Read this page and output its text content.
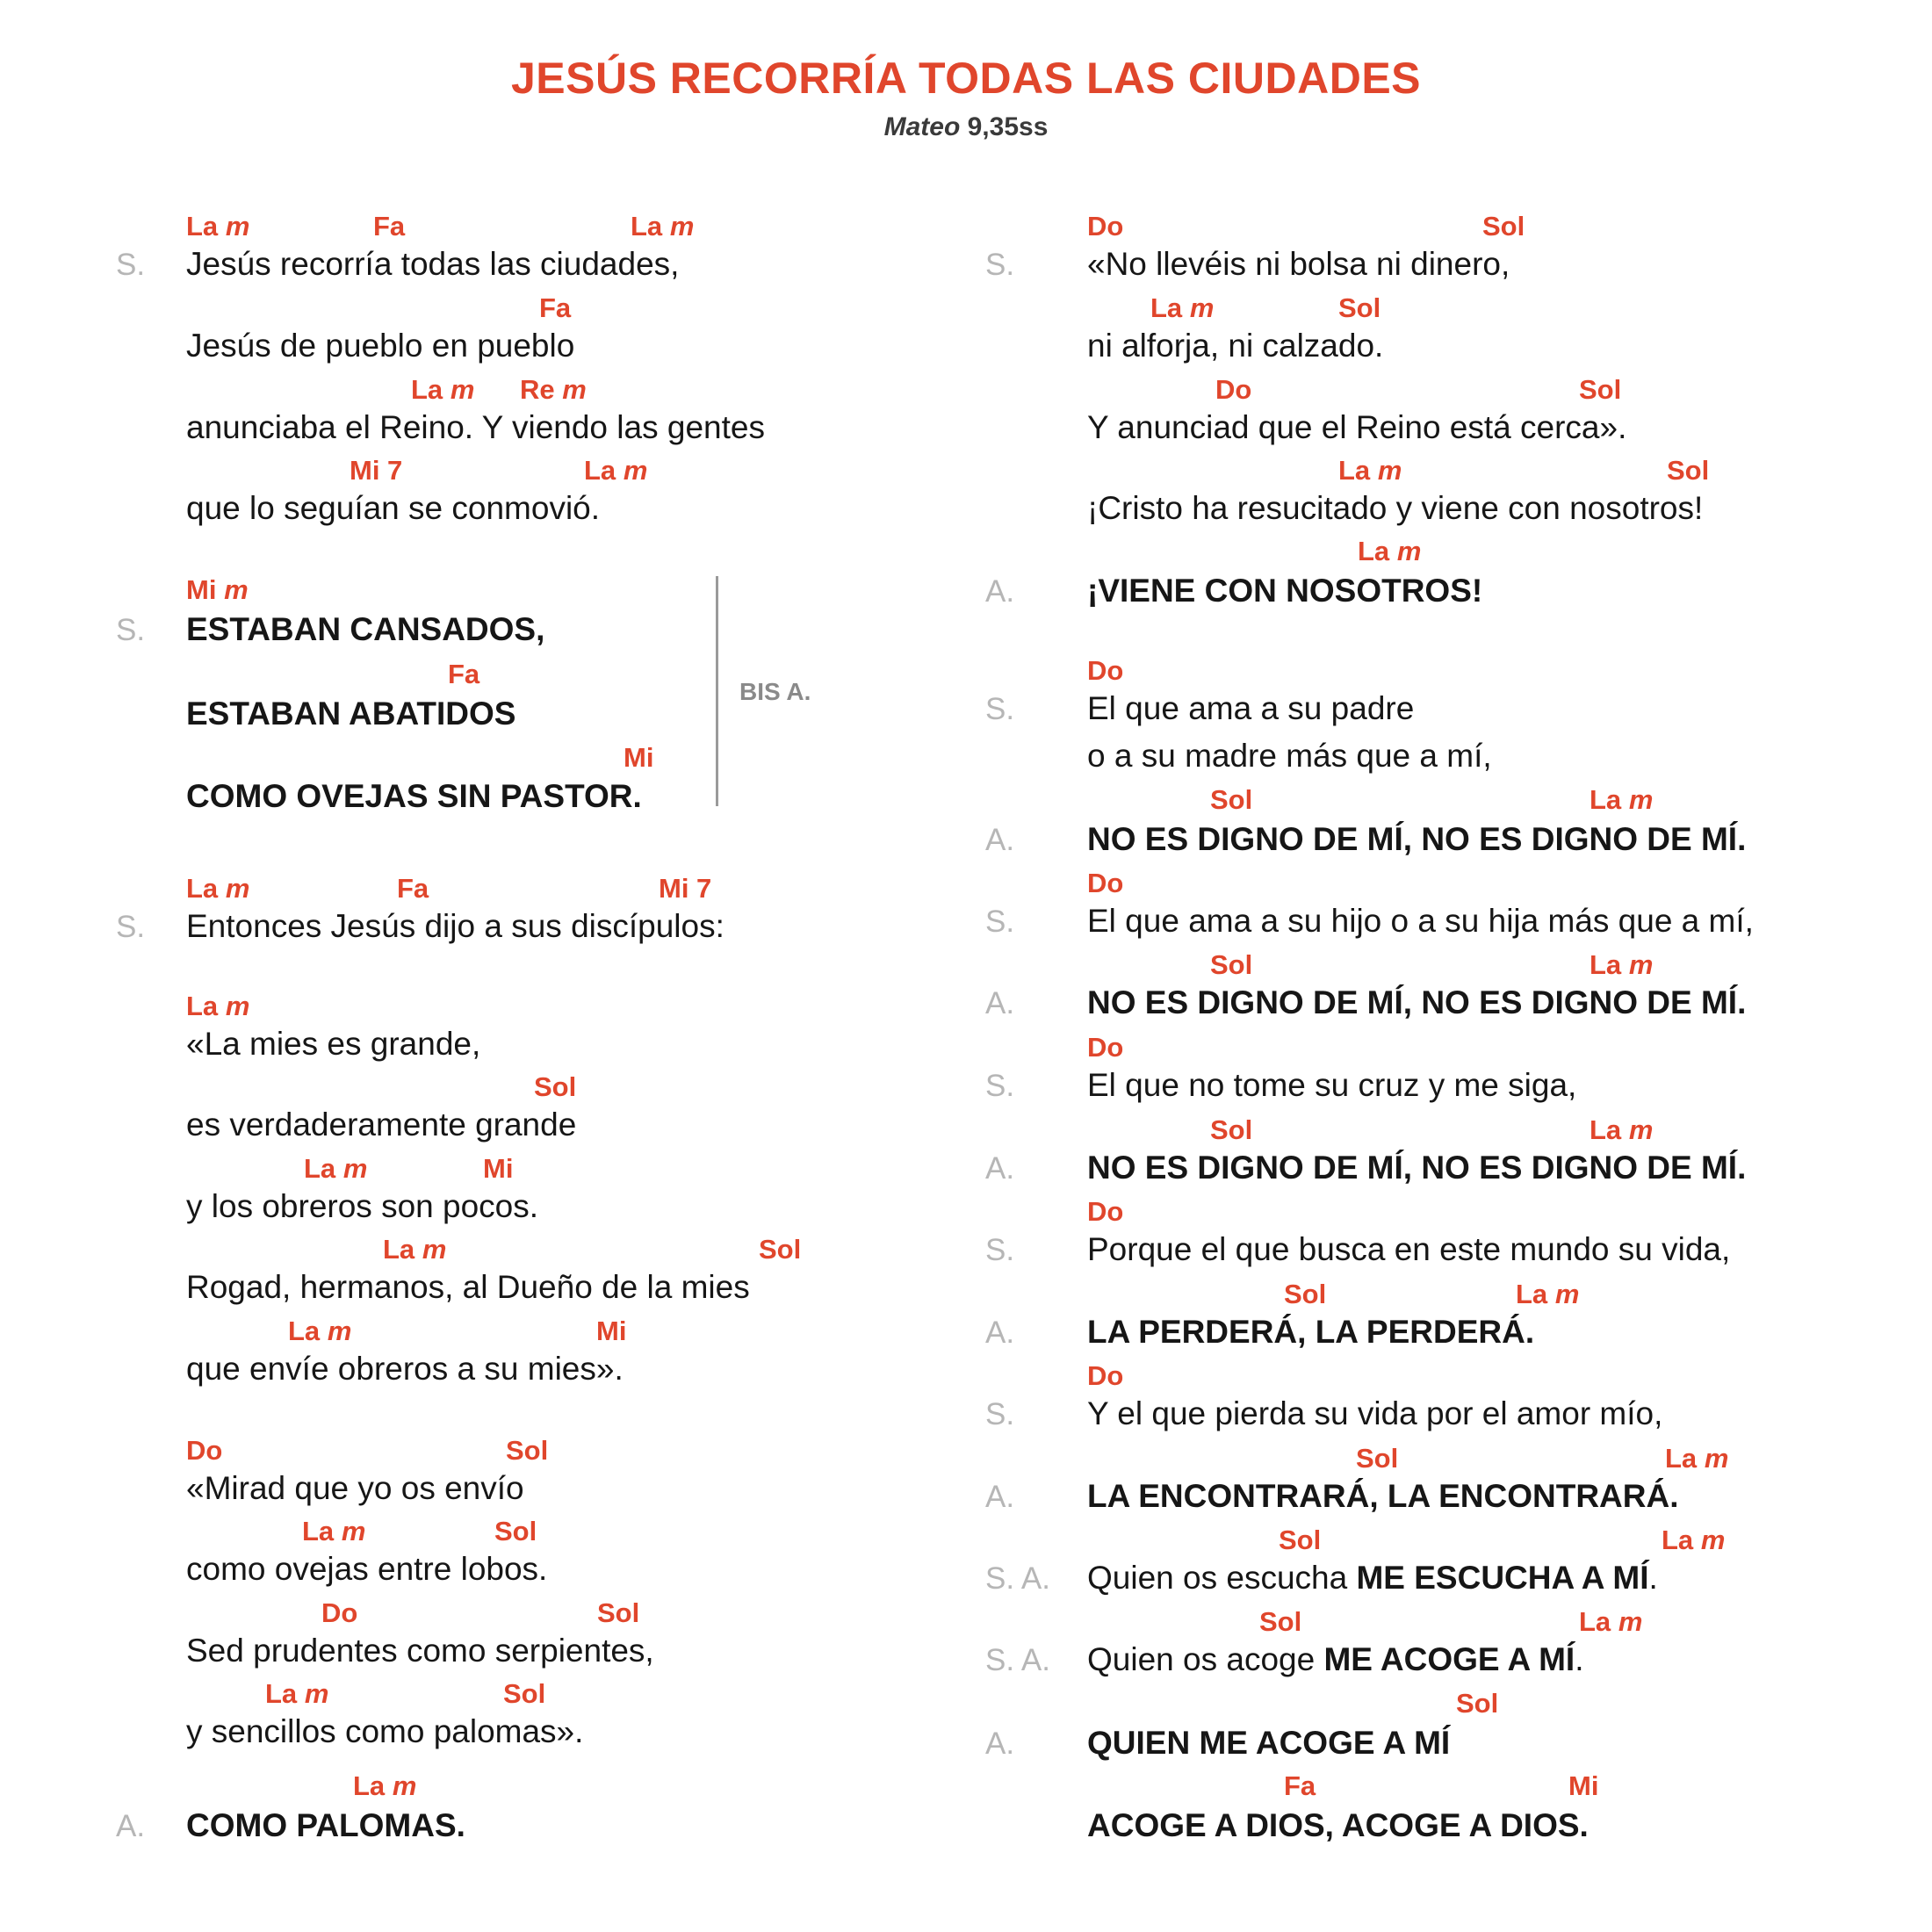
JESÚS RECORRÍA TODAS LAS CIUDADES
Mateo 9,35ss
La m	Fa	La m
S. Jesús recorría todas las ciudades,
Fa
Jesús de pueblo en pueblo
La m Re m
anunciaba el Reino. Y viendo las gentes
Mi 7	La m
que lo seguían se conmovió.
Mi m
S. ESTABAN CANSADOS,
Fa
ESTABAN ABATIDOS
Mi
COMO OVEJAS SIN PASTOR.
BIS A.
La m	Fa	Mi 7
S. Entonces Jesús dijo a sus discípulos:
La m
«La mies es grande,
Sol
es verdaderamente grande
La m	Mi
y los obreros son pocos.
La m	Sol
Rogad, hermanos, al Dueño de la mies
La m	Mi
que envíe obreros a su mies».
Do	Sol
«Mirad que yo os envío
La m	Sol
como ovejas entre lobos.
Do	Sol
Sed prudentes como serpientes,
La m	Sol
y sencillos como palomas».
La m
A. COMO PALOMAS.
Do	Sol
S. «No llevéis ni bolsa ni dinero,
La m	Sol
ni alforja, ni calzado.
Do	Sol
Y anunciad que el Reino está cerca».
La m	Sol
¡Cristo ha resucitado y viene con nosotros!
La m
A. ¡VIENE CON NOSOTROS!
Do
S. El que ama a su padre
o a su madre más que a mí,
Sol	La m
A. NO ES DIGNO DE MÍ, NO ES DIGNO DE MÍ.
Do
S. El que ama a su hijo o a su hija más que a mí,
Sol	La m
A. NO ES DIGNO DE MÍ, NO ES DIGNO DE MÍ.
Do
S. El que no tome su cruz y me siga,
Sol	La m
A. NO ES DIGNO DE MÍ, NO ES DIGNO DE MÍ.
Do
S. Porque el que busca en este mundo su vida,
Sol	La m
A. LA PERDERÁ, LA PERDERÁ.
Do
S. Y el que pierda su vida por el amor mío,
Sol	La m
A. LA ENCONTRARÁ, LA ENCONTRARÁ.
Sol	La m
S. A. Quien os escucha ME ESCUCHA A MÍ.
Sol	La m
S. A. Quien os acoge ME ACOGE A MÍ.
Sol
A. QUIEN ME ACOGE A MÍ
Fa	Mi
ACOGE A DIOS, ACOGE A DIOS.
